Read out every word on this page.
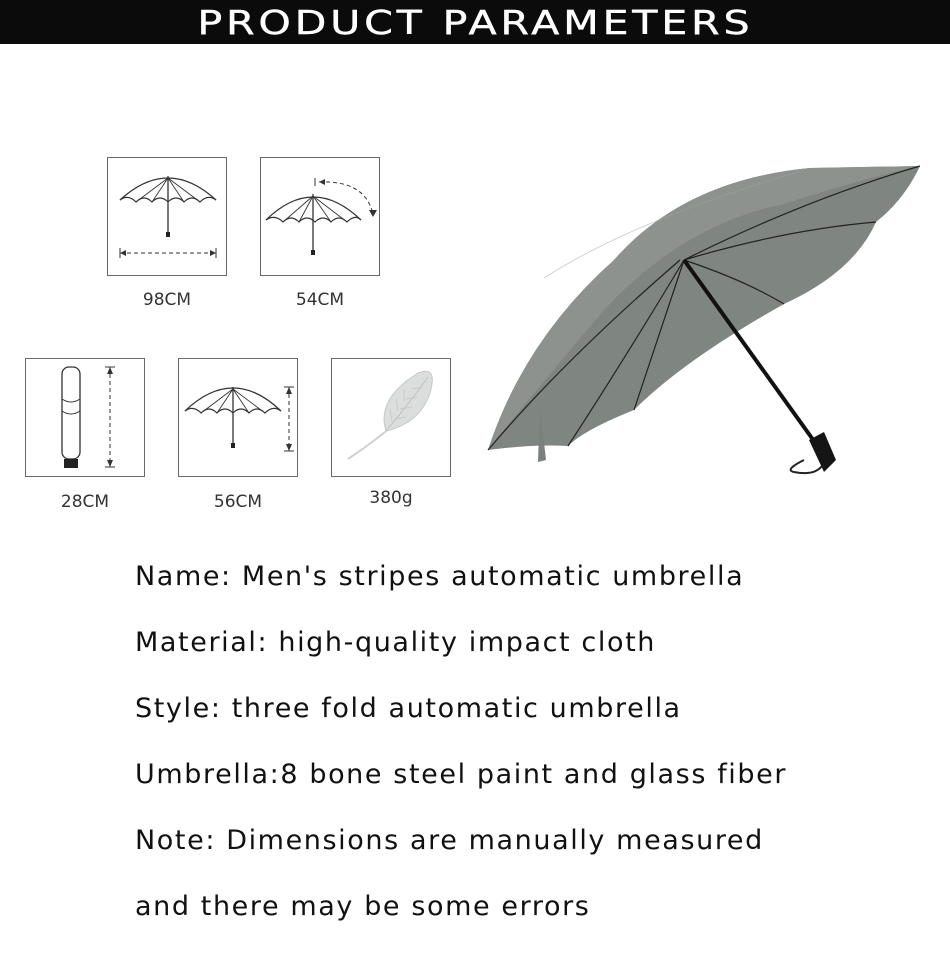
PRODUCT PARAMETERS
98CM	54CM
28CM	56CM	380g
Name: Men's stripes automatic umbrella
Material: high-quality impact cloth
Style: three fold automatic umbrella
Umbrella:8 bone steel paint and glass fiber
Note: Dimensions are manually measured
and there may be some errors
